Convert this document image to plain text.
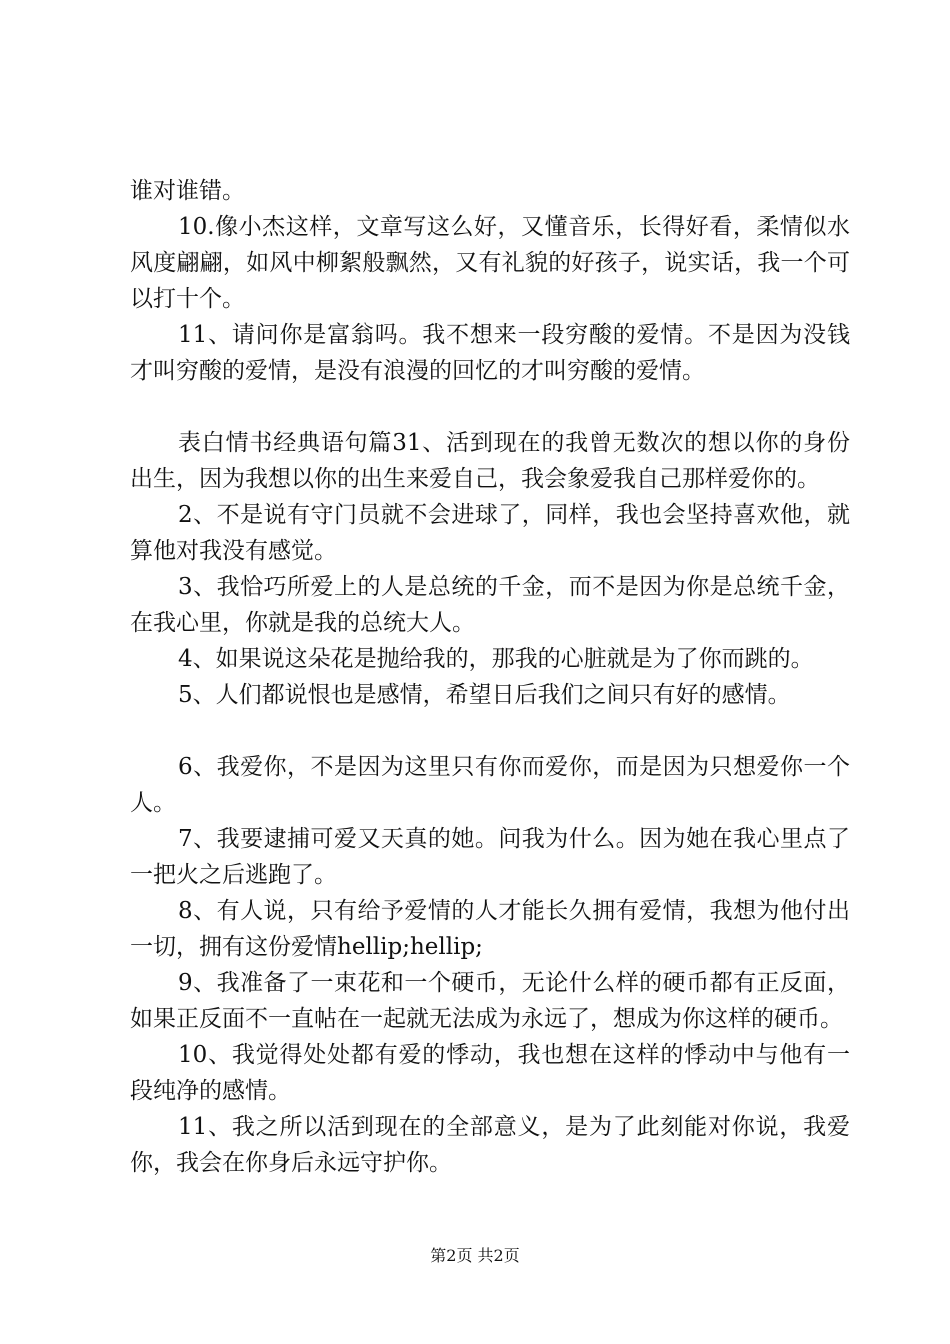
谁对谁错。

10.像小杰这样，文章写这么好，又懂音乐，长得好看，柔情似水风度翩翩，如风中柳絮般飘然，又有礼貌的好孩子，说实话，我一个可以打十个。

11、请问你是富翁吗。我不想来一段穷酸的爱情。不是因为没钱才叫穷酸的爱情，是没有浪漫的回忆的才叫穷酸的爱情。

表白情书经典语句篇31、活到现在的我曾无数次的想以你的身份出生，因为我想以你的出生来爱自己，我会象爱我自己那样爱你的。

2、不是说有守门员就不会进球了，同样，我也会坚持喜欢他，就算他对我没有感觉。

3、我恰巧所爱上的人是总统的千金，而不是因为你是总统千金，在我心里，你就是我的总统大人。

4、如果说这朵花是抛给我的，那我的心脏就是为了你而跳的。

5、人们都说恨也是感情，希望日后我们之间只有好的感情。

6、我爱你，不是因为这里只有你而爱你，而是因为只想爱你一个人。

7、我要逮捕可爱又天真的她。问我为什么。因为她在我心里点了一把火之后逃跑了。

8、有人说，只有给予爱情的人才能长久拥有爱情，我想为他付出一切，拥有这份爱情hellip;hellip;

9、我准备了一束花和一个硬币，无论什么样的硬币都有正反面，如果正反面不一直帖在一起就无法成为永远了，想成为你这样的硬币。

10、我觉得处处都有爱的悸动，我也想在这样的悸动中与他有一段纯净的感情。

11、我之所以活到现在的全部意义，是为了此刻能对你说，我爱你，我会在你身后永远守护你。

第2页 共2页
